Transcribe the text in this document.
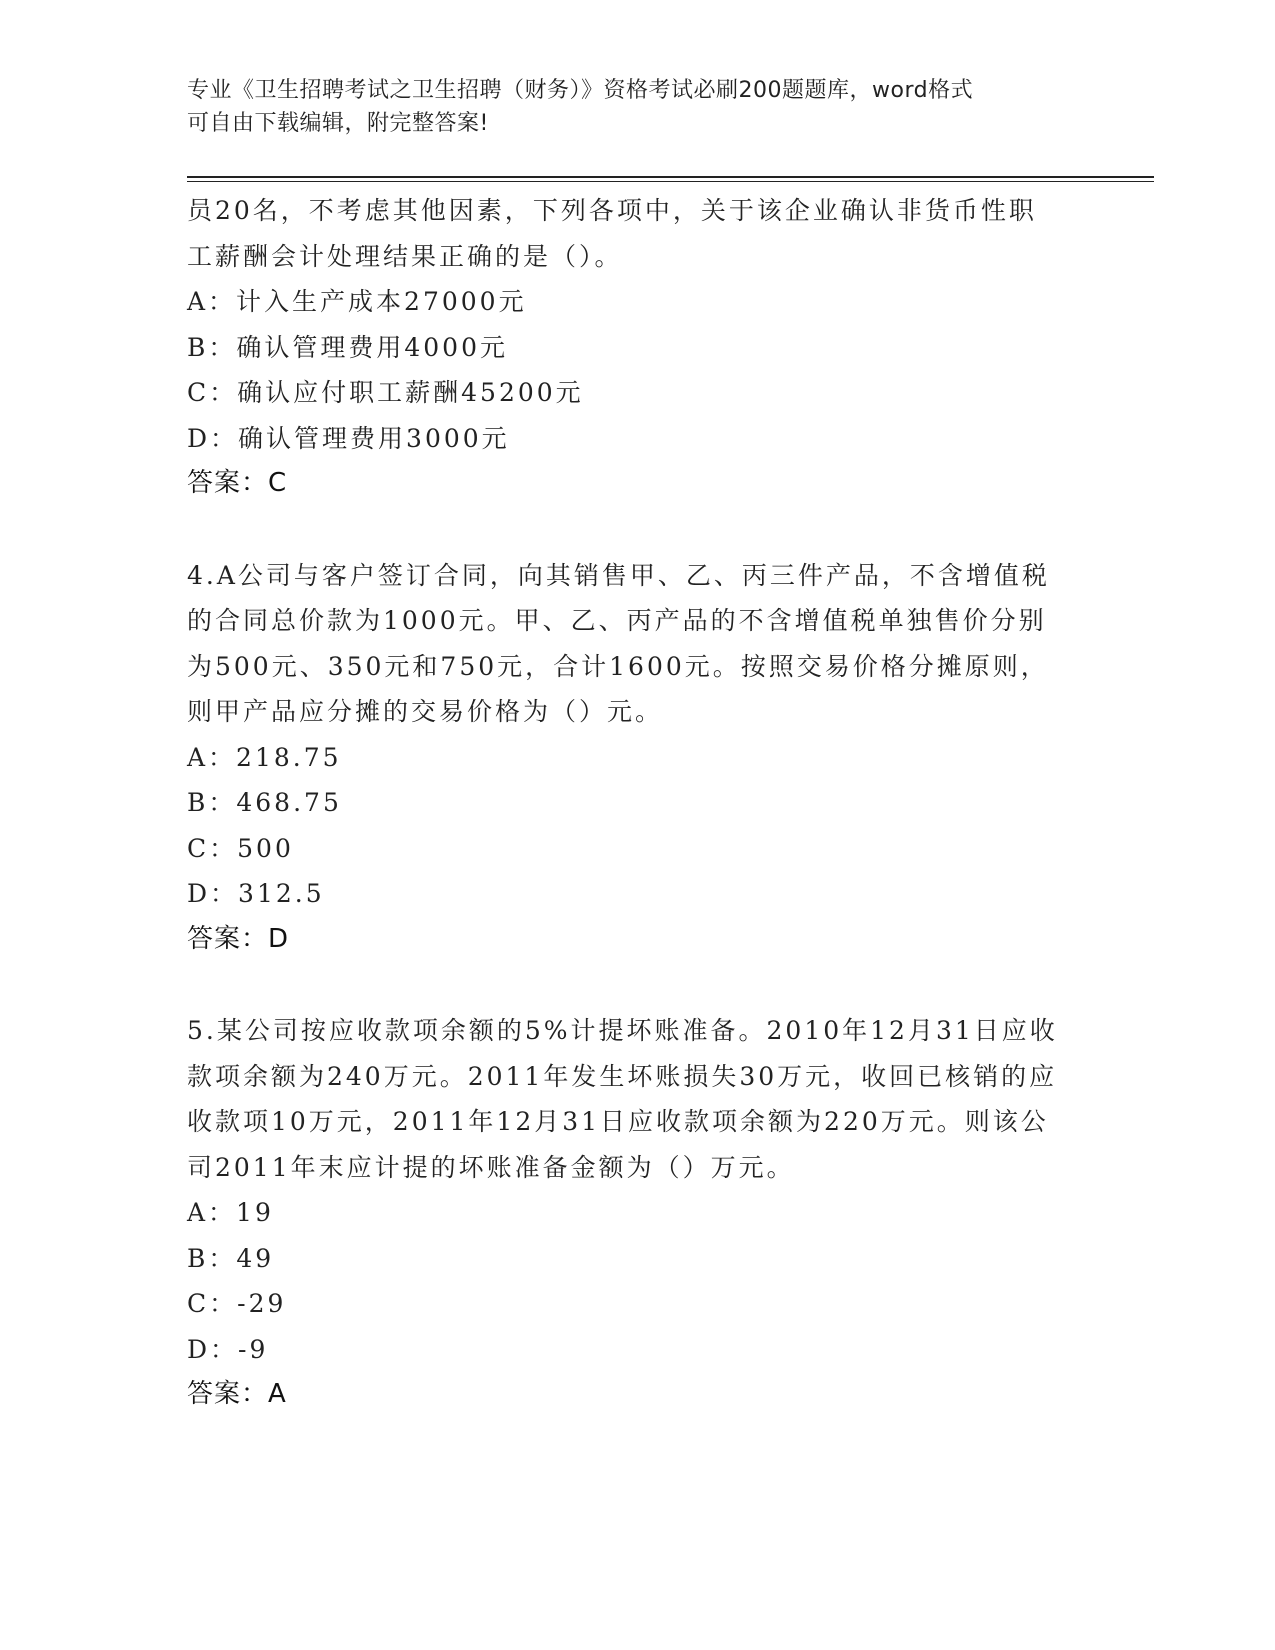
专业《卫生招聘考试之卫生招聘（财务）》资格考试必刷200题题库，word格式
可自由下载编辑，附完整答案!
员20名，不考虑其他因素，下列各项中，关于该企业确认非货币性职
工薪酬会计处理结果正确的是（）。
A：计入生产成本27000元
B：确认管理费用4000元
C：确认应付职工薪酬45200元
D：确认管理费用3000元
答案：C
4.A公司与客户签订合同，向其销售甲、乙、丙三件产品，不含增值税
的合同总价款为1000元。甲、乙、丙产品的不含增值税单独售价分别
为500元、350元和750元，合计1600元。按照交易价格分摊原则，
则甲产品应分摊的交易价格为（）元。
A：218.75
B：468.75
C：500
D：312.5
答案：D
5.某公司按应收款项余额的5%计提坏账准备。2010年12月31日应收
款项余额为240万元。2011年发生坏账损失30万元，收回已核销的应
收款项10万元，2011年12月31日应收款项余额为220万元。则该公
司2011年末应计提的坏账准备金额为（）万元。
A：19
B：49
C：-29
D：-9
答案：A
